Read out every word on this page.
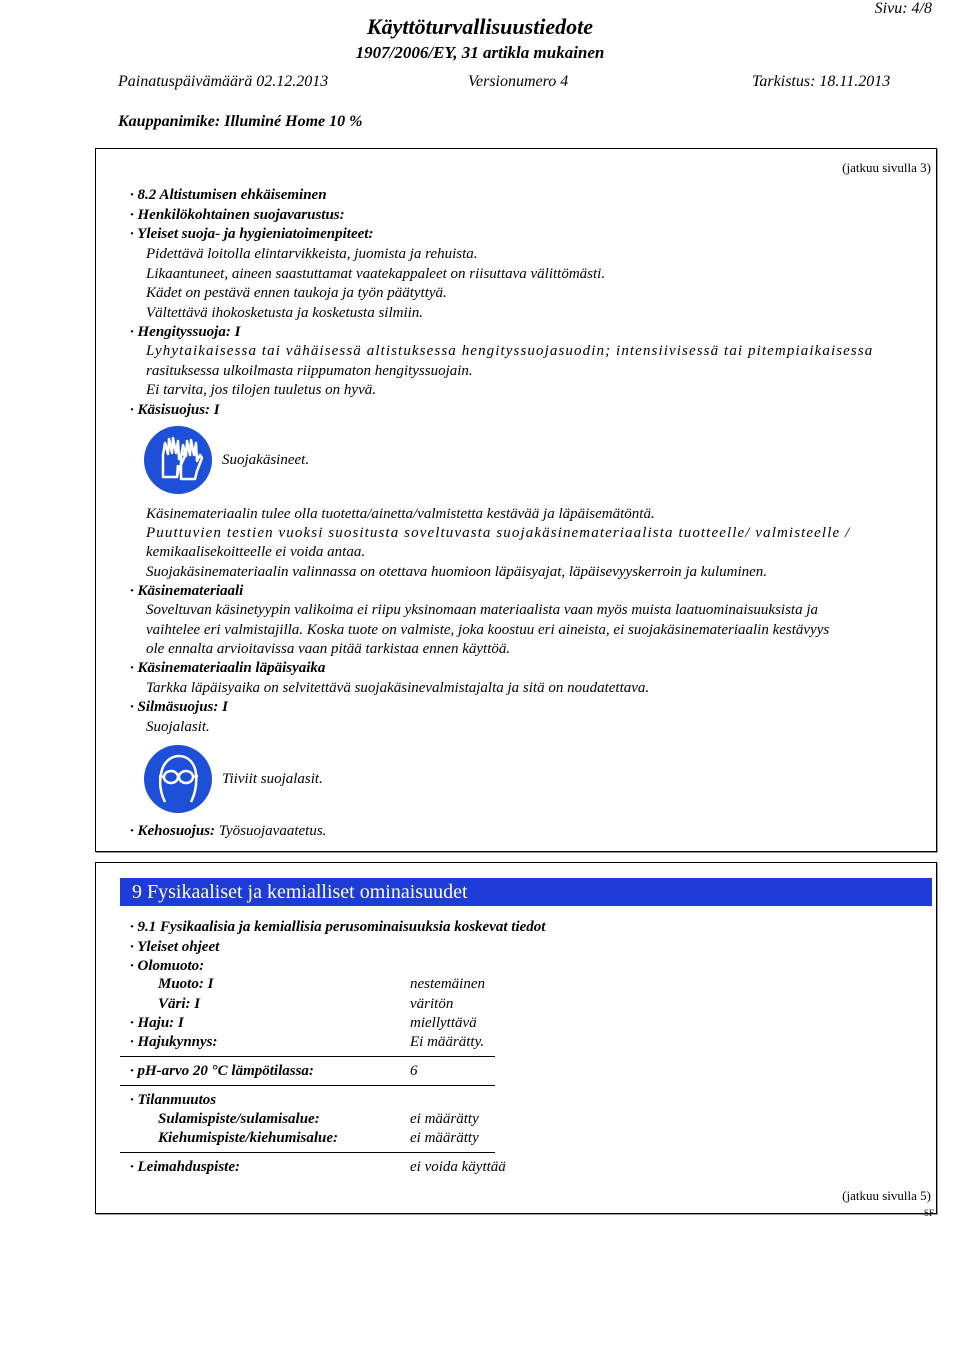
Sivu: 4/8
Käyttöturvallisuustiedote
1907/2006/EY, 31 artikla mukainen
Painatuspäivämäärä 02.12.2013	Versionumero 4	Tarkistus: 18.11.2013
Kauppanimike: Illuminé Home 10 %
(jatkuu sivulla 3)
· 8.2 Altistumisen ehkäiseminen
· Henkilökohtainen suojavarustus:
· Yleiset suoja- ja hygieniatoimenpiteet:
Pidettävä loitolla elintarvikkeista, juomista ja rehuista.
Likaantuneet, aineen saastuttamat vaatekappaleet on riisuttava välittömästi.
Kädet on pestävä ennen taukoja ja työn päätyttyä.
Vältettävä ihokosketusta ja kosketusta silmiin.
· Hengityssuoja: I
Lyhytaikaisessa tai vähäisessä altistuksessa hengityssuojasuodin; intensiivisessä tai pitempiaikaisessa
rasituksessa ulkoilmasta riippumaton hengityssuojain.
Ei tarvita, jos tilojen tuuletus on hyvä.
· Käsisuojus: I
Suojakäsineet.
Käsinemateriaalin tulee olla tuotetta/ainetta/valmistetta kestävää ja läpäisemätöntä.
Puuttuvien testien vuoksi suositusta soveltuvasta suojakäsinemateriaalista tuotteelle/ valmisteelle /
kemikaalisekoitteelle ei voida antaa.
Suojakäsinemateriaalin valinnassa on otettava huomioon läpäisyajat, läpäisevyyskerroin ja kuluminen.
· Käsinemateriaali
Soveltuvan käsinetyypin valikoima ei riipu yksinomaan materiaalista vaan myös muista laatuominaisuuksista ja
vaihtelee eri valmistajilla. Koska tuote on valmiste, joka koostuu eri aineista, ei suojakäsinemateriaalin kestävyys
ole ennalta arvioitavissa vaan pitää tarkistaa ennen käyttöä.
· Käsinemateriaalin läpäisyaika
Tarkka läpäisyaika on selvitettävä suojakäsinevalmistajalta ja sitä on noudatettava.
· Silmäsuojus: I
Suojalasit.
Tiiviit suojalasit.
· Kehosuojus: Työsuojavaatetus.
9 Fysikaaliset ja kemialliset ominaisuudet
· 9.1 Fysikaalisia ja kemiallisia perusominaisuuksia koskevat tiedot
· Yleiset ohjeet
· Olomuoto:
Muoto: I	nestemäinen
Väri: I	väritön
· Haju: I	miellyttävä
· Hajukynnys:	Ei määrätty.
· pH-arvo 20 °C lämpötilassa:	6
· Tilanmuutos
Sulamispiste/sulamisalue:	ei määrätty
Kiehumispiste/kiehumisalue:	ei määrätty
· Leimahduspiste:	ei voida käyttää
(jatkuu sivulla 5)
SF
